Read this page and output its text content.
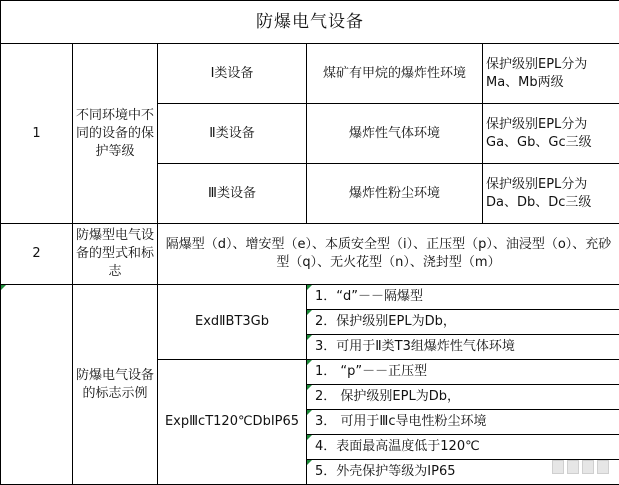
防爆电气设备				
1	不同环境中不同的设备的保护等级	Ⅰ类设备	煤矿有甲烷的爆炸性环境	保护级别EPL分为Ma、Mb两级
		Ⅱ类设备	爆炸性气体环境	保护级别EPL分为Ga、Gb、Gc三级
		Ⅲ类设备	爆炸性粉尘环境	保护级别EPL分为Da、Db、Dc三级
2	防爆型电气设备的型式和标志	隔爆型（d）、增安型（e）、本质安全型（i）、正压型（p）、油浸型（o）、充砂型（q）、无火花型（n）、浇封型（m）		
	防爆电气设备的标志示例	ExdⅡBT3Gb	1．“d”－－隔爆型	
			2．保护级别EPL为Db，	
			3．可用于Ⅱ类T3组爆炸性气体环境	
		ExpⅢcT120℃DbIP65	1． “p”－－正压型	
			2． 保护级别EPL为Db，	
			3． 可用于Ⅲc导电性粉尘环境	
			4．表面最高温度低于120℃	
			5．外壳保护等级为IP65	
